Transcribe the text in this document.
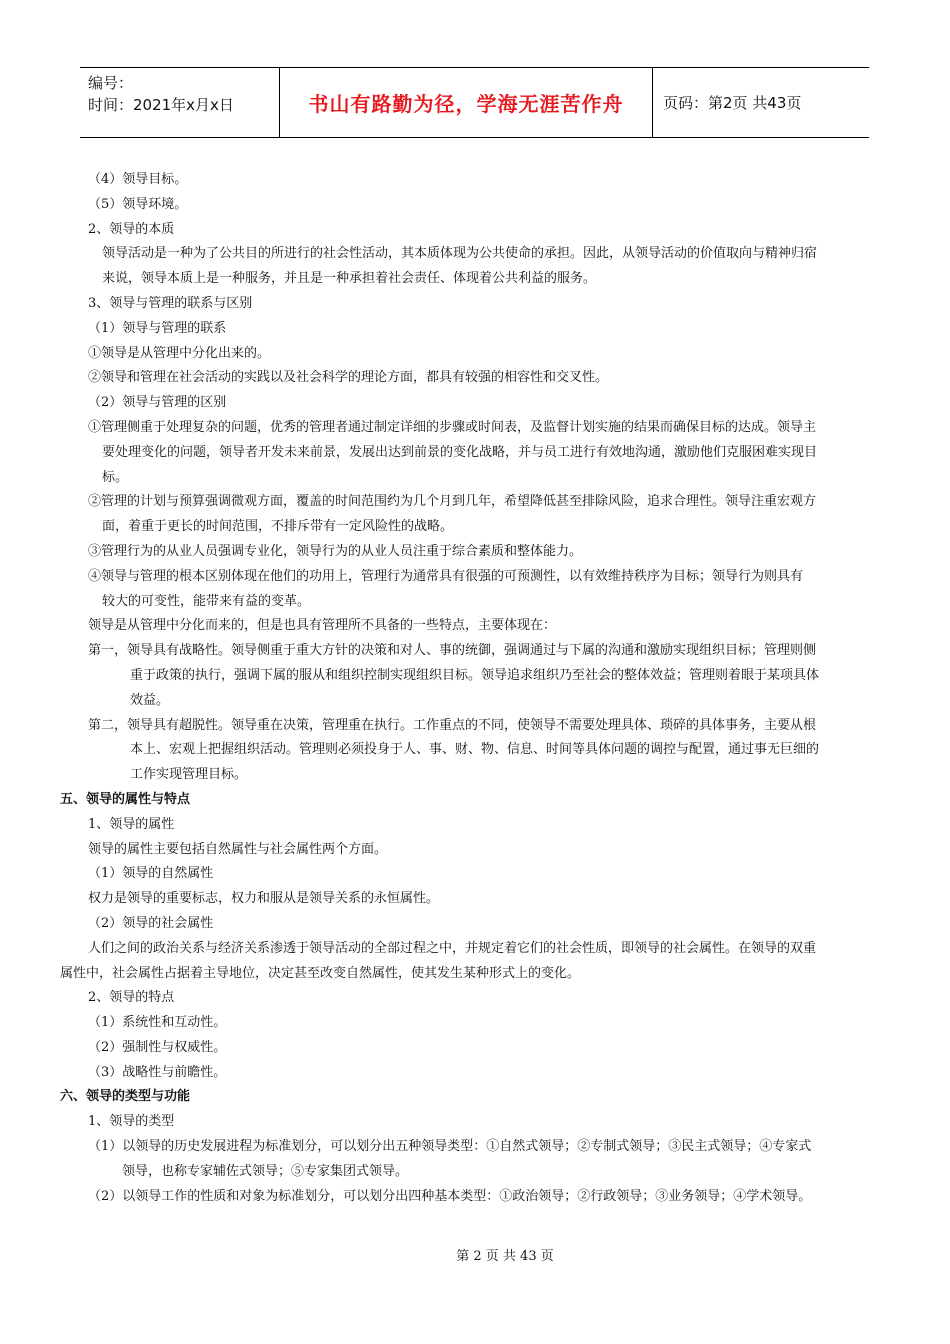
编号：
时间：2021年x月x日	书山有路勤为径，学海无涯苦作舟	页码：第2页 共43页
（4）领导目标。
（5）领导环境。
2、领导的本质
领导活动是一种为了公共目的所进行的社会性活动，其本质体现为公共使命的承担。因此，从领导活动的价值取向与精神归宿
来说，领导本质上是一种服务，并且是一种承担着社会责任、体现着公共利益的服务。
3、领导与管理的联系与区别
（1）领导与管理的联系
①领导是从管理中分化出来的。
②领导和管理在社会活动的实践以及社会科学的理论方面，都具有较强的相容性和交叉性。
（2）领导与管理的区别
①管理侧重于处理复杂的问题，优秀的管理者通过制定详细的步骤或时间表，及监督计划实施的结果而确保目标的达成。领导主
要处理变化的问题，领导者开发未来前景，发展出达到前景的变化战略，并与员工进行有效地沟通，激励他们克服困难实现目
标。
②管理的计划与预算强调微观方面，覆盖的时间范围约为几个月到几年，希望降低甚至排除风险，追求合理性。领导注重宏观方
面，着重于更长的时间范围，不排斥带有一定风险性的战略。
③管理行为的从业人员强调专业化，领导行为的从业人员注重于综合素质和整体能力。
④领导与管理的根本区别体现在他们的功用上，管理行为通常具有很强的可预测性，以有效维持秩序为目标；领导行为则具有
较大的可变性，能带来有益的变革。
领导是从管理中分化而来的，但是也具有管理所不具备的一些特点，主要体现在：
第一，领导具有战略性。领导侧重于重大方针的决策和对人、事的统御，强调通过与下属的沟通和激励实现组织目标；管理则侧
重于政策的执行，强调下属的服从和组织控制实现组织目标。领导追求组织乃至社会的整体效益；管理则着眼于某项具体
效益。
第二，领导具有超脱性。领导重在决策，管理重在执行。工作重点的不同，使领导不需要处理具体、琐碎的具体事务，主要从根
本上、宏观上把握组织活动。管理则必须投身于人、事、财、物、信息、时间等具体问题的调控与配置，通过事无巨细的
工作实现管理目标。
五、领导的属性与特点
1、领导的属性
领导的属性主要包括自然属性与社会属性两个方面。
（1）领导的自然属性
权力是领导的重要标志，权力和服从是领导关系的永恒属性。
（2）领导的社会属性
人们之间的政治关系与经济关系渗透于领导活动的全部过程之中，并规定着它们的社会性质，即领导的社会属性。在领导的双重
属性中，社会属性占据着主导地位，决定甚至改变自然属性，使其发生某种形式上的变化。
2、领导的特点
（1）系统性和互动性。
（2）强制性与权威性。
（3）战略性与前瞻性。
六、领导的类型与功能
1、领导的类型
（1）以领导的历史发展进程为标准划分，可以划分出五种领导类型：①自然式领导；②专制式领导；③民主式领导；④专家式
领导，也称专家辅佐式领导；⑤专家集团式领导。
（2）以领导工作的性质和对象为标准划分，可以划分出四种基本类型：①政治领导；②行政领导；③业务领导；④学术领导。
第 2 页 共 43 页
